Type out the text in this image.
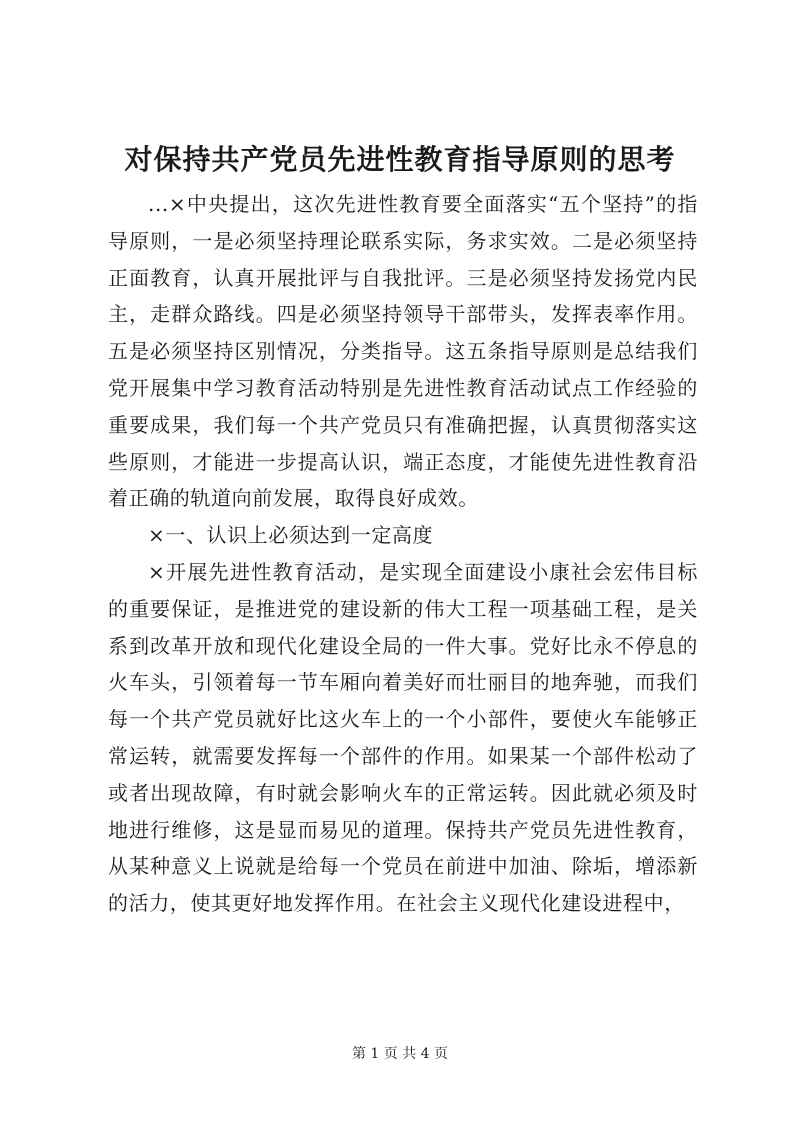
对保持共产党员先进性教育指导原则的思考

...×中央提出，这次先进性教育要全面落实“五个坚持”的指导原则，一是必须坚持理论联系实际，务求实效。二是必须坚持正面教育，认真开展批评与自我批评。三是必须坚持发扬党内民主，走群众路线。四是必须坚持领导干部带头，发挥表率作用。五是必须坚持区别情况，分类指导。这五条指导原则是总结我们党开展集中学习教育活动特别是先进性教育活动试点工作经验的重要成果，我们每一个共产党员只有准确把握，认真贯彻落实这些原则，才能进一步提高认识，端正态度，才能使先进性教育沿着正确的轨道向前发展，取得良好成效。

×一、认识上必须达到一定高度

×开展先进性教育活动，是实现全面建设小康社会宏伟目标的重要保证，是推进党的建设新的伟大工程一项基础工程，是关系到改革开放和现代化建设全局的一件大事。党好比永不停息的火车头，引领着每一节车厢向着美好而壮丽目的地奔驰，而我们每一个共产党员就好比这火车上的一个小部件，要使火车能够正常运转，就需要发挥每一个部件的作用。如果某一个部件松动了或者出现故障，有时就会影响火车的正常运转。因此就必须及时地进行维修，这是显而易见的道理。保持共产党员先进性教育，从某种意义上说就是给每一个党员在前进中加油、除垢，增添新的活力，使其更好地发挥作用。在社会主义现代化建设进程中，

第 1 页 共 4 页
